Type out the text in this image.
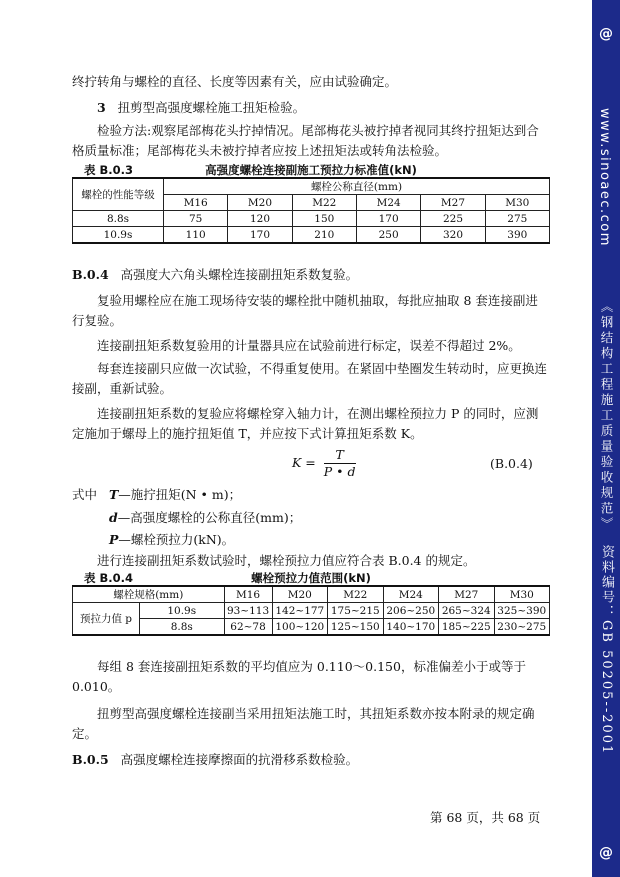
终拧转角与螺栓的直径、长度等因素有关，应由试验确定。
3 扭剪型高强度螺栓施工扭矩检验。
检验方法:观察尾部梅花头拧掉情况。尾部梅花头被拧掉者视同其终拧扭矩达到合格质量标准；尾部梅花头未被拧掉者应按上述扭矩法或转角法检验。
表 B.0.3	高强度螺栓连接副施工预拉力标准值(kN)
螺栓的性能等级	螺栓公称直径(mm)					
	M16	M20	M22	M24	M27	M30
8.8s	75	120	150	170	225	275
10.9s	110	170	210	250	320	390
B.0.4 高强度大六角头螺栓连接副扭矩系数复验。
复验用螺栓应在施工现场待安装的螺栓批中随机抽取，每批应抽取 8 套连接副进行复验。
连接副扭矩系数复验用的计量器具应在试验前进行标定，误差不得超过 2%。
每套连接副只应做一次试验，不得重复使用。在紧固中垫圈发生转动时，应更换连接副，重新试验。
连接副扭矩系数的复验应将螺栓穿入轴力计，在测出螺栓预拉力 P 的同时，应测定施加于螺母上的施拧扭矩值 T，并应按下式计算扭矩系数 K。
$K = \frac{T}{P • d}$	(B.0.4)
式中 T—施拧扭矩(N • m)；
d—高强度螺栓的公称直径(mm)；
P—螺栓预拉力(kN)。
进行连接副扭矩系数试验时，螺栓预拉力值应符合表 B.0.4 的规定。
表 B.0.4	螺栓预拉力值范围(kN)
螺栓规格(mm)		M16	M20	M22	M24	M27	M30
预拉力值 p	10.9s	93~113	142~177	175~215	206~250	265~324	325~390
	8.8s	62~78	100~120	125~150	140~170	185~225	230~275
每组 8 套连接副扭矩系数的平均值应为 0.110～0.150，标准偏差小于或等于 0.010。
扭剪型高强度螺栓连接副当采用扭矩法施工时，其扭矩系数亦按本附录的规定确定。
B.0.5 高强度螺栓连接摩擦面的抗滑移系数检验。
第 68 页，共 68 页
@
www.sinoaec.com
《钢结构工程施工质量验收规范》
资料编号：GB 50205--2001
@
